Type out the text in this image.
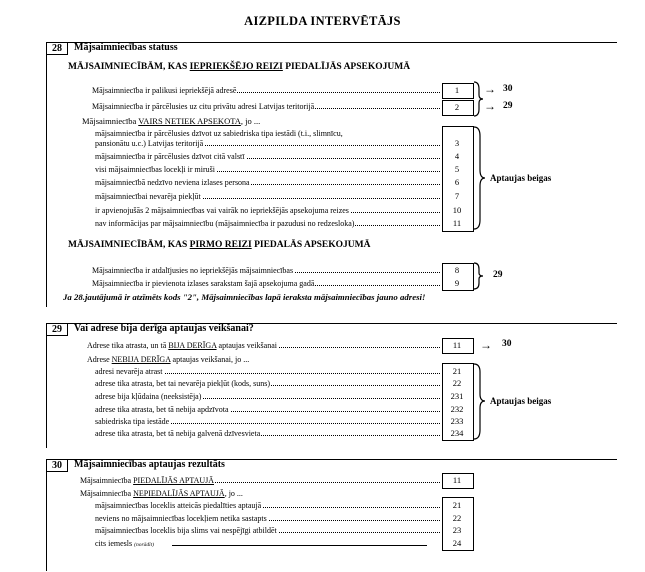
AIZPILDA INTERVĒTĀJS
28	Mājsaimniecības statuss
MĀJSAIMNIECĪBĀM, KAS IEPRIEKŠĒJO REIZI PIEDALĪJĀS APSEKOJUMĀ
Mājsaimniecība ir palikusi iepriekšējā adresē	1
Mājsaimniecība ir pārcēlusies uz citu privātu adresi Latvijas teritorijā	2
→ 30
→ 29
Mājsaimniecība VAIRS NETIEK APSEKOTA, jo ...
mājsaimniecība ir pārcēlusies dzīvot uz sabiedriska tipa iestādi (t.i., slimnīcu,
pansionātu u.c.) Latvijas teritorijā	3
mājsaimniecība ir pārcēlusies dzīvot citā valstī	4
visi mājsaimniecības locekļi ir miruši	5
mājsaimniecībā nedzīvo neviena izlases persona	6
mājsaimniecībai nevarēja piekļūt	7
ir apvienojušās 2 mājsaimniecības vai vairāk no iepriekšējās apsekojuma reizes	10
nav informācijas par mājsaimniecību (mājsaimniecība ir pazudusi no redzesloka)	11
Aptaujas beigas
MĀJSAIMNIECĪBĀM, KAS PIRMO REIZI PIEDALĀS APSEKOJUMĀ
Mājsaimniecība ir atdalījusies no iepriekšējās mājsaimniecības	8
Mājsaimniecība ir pievienota izlases sarakstam šajā apsekojuma gadā	9
29
Ja 28.jautājumā ir atzīmēts kods "2", Mājsaimniecības lapā ieraksta mājsaimniecības jauno adresi!
29	Vai adrese bija derīga aptaujas veikšanai?
Adrese tika atrasta, un tā BIJA DERĪGA aptaujas veikšanai	11	→ 30
Adrese NEBIJA DERĪGA aptaujas veikšanai, jo ...
adresi nevarēja atrast	21
adrese tika atrasta, bet tai nevarēja piekļūt (kods, suns)	22
adrese bija kļūdaina (neeksistēja)	231
adrese tika atrasta, bet tā nebija apdzīvota	232
sabiedriska tipa iestāde	233
adrese tika atrasta, bet tā nebija galvenā dzīvesvieta	234
Aptaujas beigas
30	Mājsaimniecības aptaujas rezultāts
Mājsaimniecība PIEDALĪJĀS APTAUJĀ	11
Mājsaimniecība NEPIEDALĪJĀS APTAUJĀ, jo ...
mājsaimniecības loceklis atteicās piedalīties aptaujā	21
neviens no mājsaimniecības locekļiem netika sastapts	22
mājsaimniecības loceklis bija slims vai nespējīgi atbildēt	23
cits iemesls (norādīt)	24
